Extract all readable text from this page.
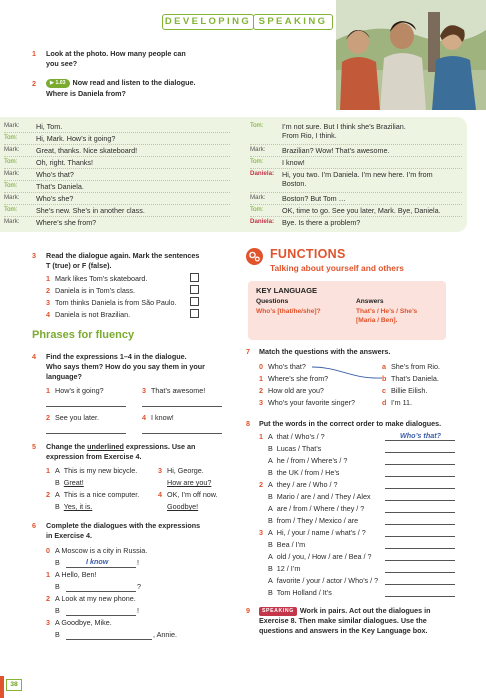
DEVELOPING SPEAKING
1 Look at the photo. How many people can
you see?
2	▶ 1.03 Now read and listen to the dialogue.
Where is Daniela from?
Mark:	Hi, Tom.
Tom:	Hi, Mark. How’s it going?
Mark:	Great, thanks. Nice skateboard!
Tom:	Oh, right. Thanks!
Mark:	Who’s that?
Tom:	That’s Daniela.
Mark:	Who’s she?
Tom:	She’s new. She’s in another class.
Mark:	Where’s she from?
Tom:	I’m not sure. But I think she’s Brazilian.
From Rio, I think.
Mark:	Brazilian? Wow! That’s awesome.
Tom:	I know!
Daniela:	Hi, you two. I’m Daniela. I’m new here. I’m from
Boston.
Mark:	Boston? But Tom …
Tom:	OK, time to go. See you later, Mark. Bye, Daniela.
Daniela:	Bye. Is there a problem?
3 Read the dialogue again. Mark the sentences
T (true) or F (false).
1 Mark likes Tom’s skateboard.
2 Daniela is in Tom’s class.
3 Tom thinks Daniela is from São Paulo.
4 Daniela is not Brazilian.
Phrases for fluency
4 Find the expressions 1–4 in the dialogue.
Who says them? How do you say them in your
language?
1 How’s it going?	3 That’s awesome!
2 See you later.	4 I know!
5 Change the underlined expressions. Use an
expression from Exercise 4.
1 A This is my new bicycle.
B Great!
2 A This is a nice computer.
B Yes, it is.
3 Hi, George.
How are you?
4 OK, I’m off now.
Goodbye!
6 Complete the dialogues with the expressions
in Exercise 4.
0 A Moscow is a city in Russia.
B	I know	!
1 A Hello, Ben!
B	?
2 A Look at my new phone.
B	!
3 A Goodbye, Mike.
B	, Annie.
FUNCTIONS
Talking about yourself and others
KEY LANGUAGE
Questions	Answers
Who’s [that/he/she]?	That’s / He’s / She’s
[Maria / Ben].
7 Match the questions with the answers.
0 Who’s that?
1 Where’s she from?
2 How old are you?
3 Who’s your favorite singer?
a She’s from Rio.
b That’s Daniela.
c Billie Eilish.
d I’m 11.
8 Put the words in the correct order to make dialogues.
1 A that / Who’s / ?	Who’s that?
B Lucas / That’s
A he / from / Where’s / ?
B the UK / from / He’s
2 A they / are / Who / ?
B Mario / are / and / They / Alex
A are / from / Where / they / ?
B from / They / Mexico / are
3 A Hi, / your / name / what’s / ?
B Bea / I’m
A old / you, / How / are / Bea / ?
B 12 / I’m
A favorite / your / actor / Who’s / ?
B Tom Holland / It’s
9	SPEAKING Work in pairs. Act out the dialogues in
Exercise 8. Then make similar dialogues. Use the
questions and answers in the Key Language box.
38
